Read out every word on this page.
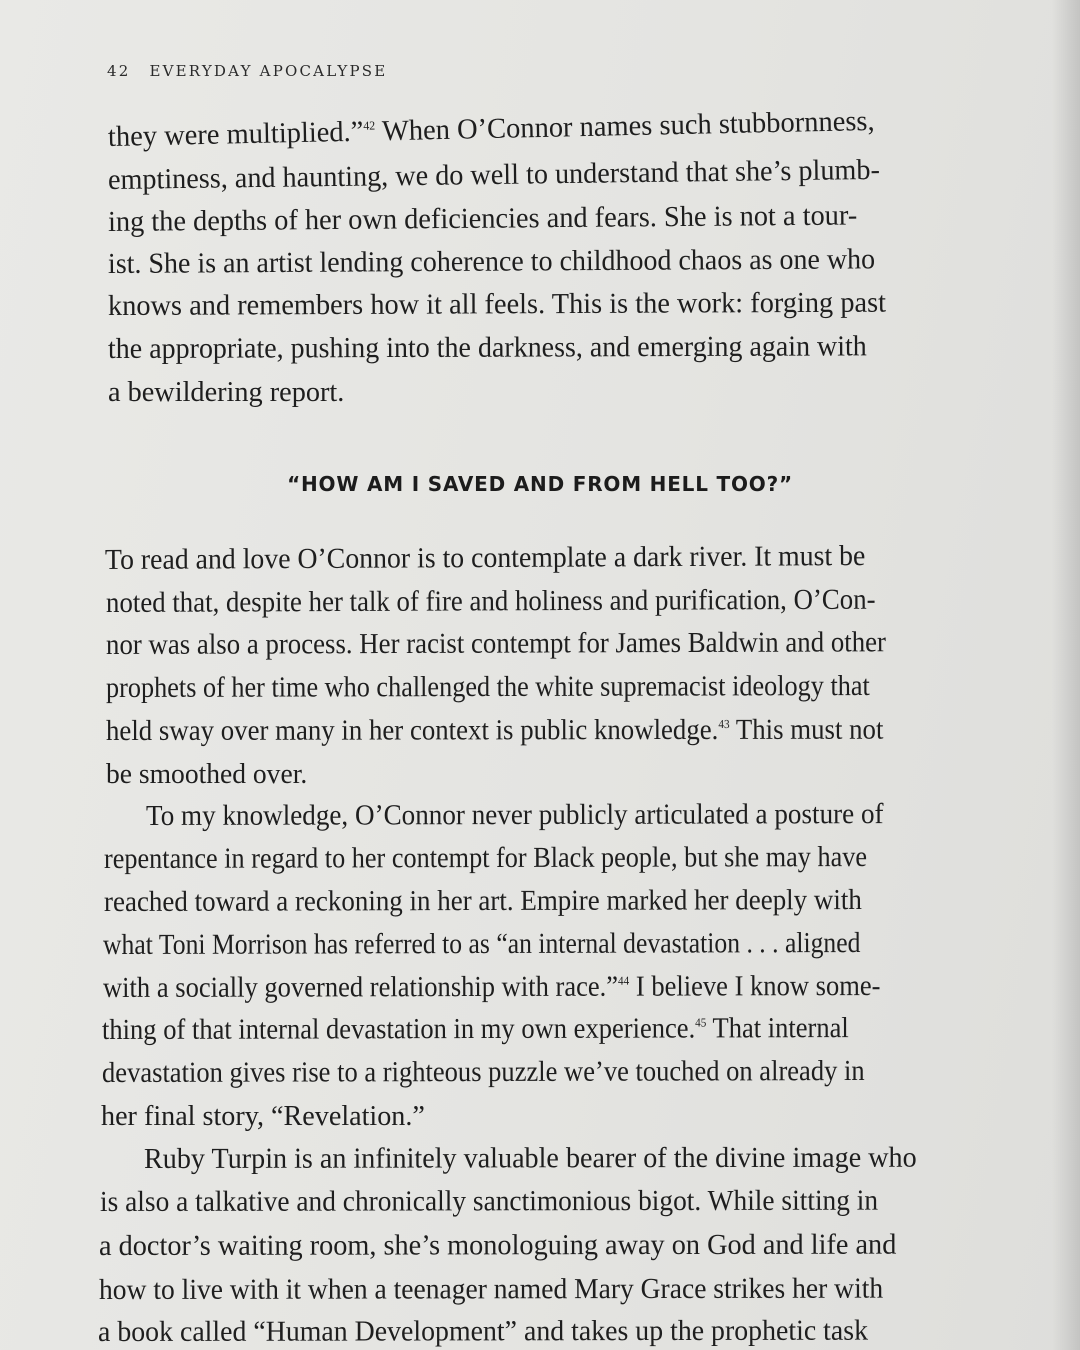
42 EVERYDAY APOCALYPSE
they were multiplied.”$^{42}$ When O’Connor names such stubbornness,
emptiness, and haunting, we do well to understand that she’s plumb-
ing the depths of her own deficiencies and fears. She is not a tour-
ist. She is an artist lending coherence to childhood chaos as one who
knows and remembers how it all feels. This is the work: forging past
the appropriate, pushing into the darkness, and emerging again with
a bewildering report.
“HOW AM I SAVED AND FROM HELL TOO?”
To read and love O’Connor is to contemplate a dark river. It must be
noted that, despite her talk of fire and holiness and purification, O’Con-
nor was also a process. Her racist contempt for James Baldwin and other
prophets of her time who challenged the white supremacist ideology that
held sway over many in her context is public knowledge.$^{43}$ This must not
be smoothed over.
To my knowledge, O’Connor never publicly articulated a posture of
repentance in regard to her contempt for Black people, but she may have
reached toward a reckoning in her art. Empire marked her deeply with
what Toni Morrison has referred to as “an internal devastation . . . aligned
with a socially governed relationship with race.”$^{44}$ I believe I know some-
thing of that internal devastation in my own experience.$^{45}$ That internal
devastation gives rise to a righteous puzzle we’ve touched on already in
her final story, “Revelation.”
Ruby Turpin is an infinitely valuable bearer of the divine image who
is also a talkative and chronically sanctimonious bigot. While sitting in
a doctor’s waiting room, she’s monologuing away on God and life and
how to live with it when a teenager named Mary Grace strikes her with
a book called “Human Development” and takes up the prophetic task
